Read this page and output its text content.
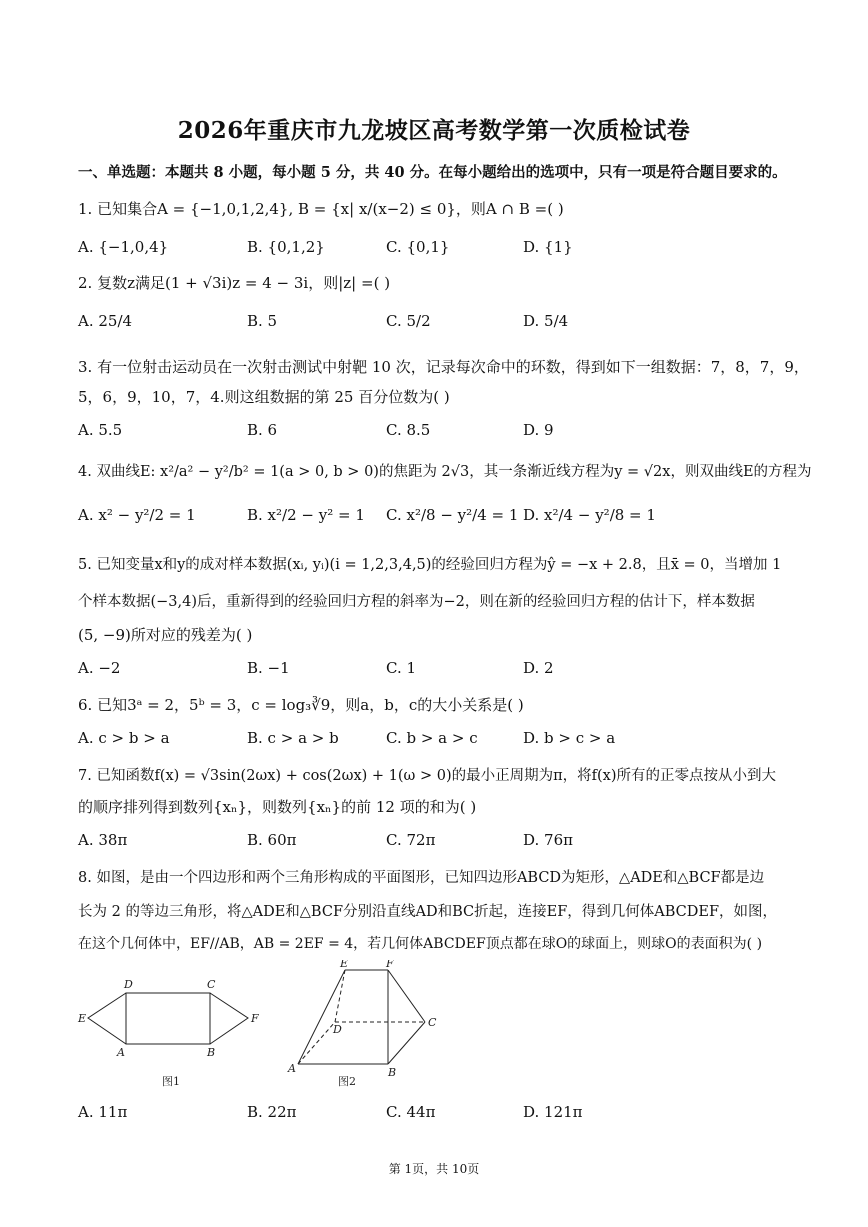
2026年重庆市九龙坡区高考数学第一次质检试卷
一、单选题：本题共 8 小题，每小题 5 分，共 40 分。在每小题给出的选项中，只有一项是符合题目要求的。
1. 已知集合A = {−1,0,1,2,4}, B = {x| x/(x−2) ≤ 0}，则A ∩ B =( )
A. {−1,0,4}	B. {0,1,2}	C. {0,1}	D. {1}
2. 复数z满足(1 + √3i)z = 4 − 3i，则|z| =( )
A. 25/4	B. 5	C. 5/2	D. 5/4
3. 有一位射击运动员在一次射击测试中射靶 10 次，记录每次命中的环数，得到如下一组数据：7，8，7，9，
5，6，9，10，7，4.则这组数据的第 25 百分位数为( )
A. 5.5	B. 6	C. 8.5	D. 9
4. 双曲线E: x²/a² − y²/b² = 1(a > 0, b > 0)的焦距为 2√3，其一条渐近线方程为y = √2x，则双曲线E的方程为
A. x² − y²/2 = 1	B. x²/2 − y² = 1 C. x²/8 − y²/4 = 1 D. x²/4 − y²/8 = 1
5. 已知变量x和y的成对样本数据(xᵢ, yᵢ)(i = 1,2,3,4,5)的经验回归方程为ŷ = −x + 2.8，且x̄ = 0，当增加 1
个样本数据(−3,4)后，重新得到的经验回归方程的斜率为−2，则在新的经验回归方程的估计下，样本数据
(5, −9)所对应的残差为( )
A. −2	B. −1	C. 1	D. 2
6. 已知3ᵃ = 2，5ᵇ = 3，c = log₃∛9，则a，b，c的大小关系是( )
A. c > b > a	B. c > a > b	C. b > a > c	D. b > c > a
7. 已知函数f(x) = √3sin(2ωx) + cos(2ωx) + 1(ω > 0)的最小正周期为π，将f(x)所有的正零点按从小到大
的顺序排列得到数列{xₙ}，则数列{xₙ}的前 12 项的和为( )
A. 38π	B. 60π	C. 72π	D. 76π
8. 如图，是由一个四边形和两个三角形构成的平面图形，已知四边形ABCD为矩形，△ADE和△BCF都是边
长为 2 的等边三角形，将△ADE和△BCF分别沿直线AD和BC折起，连接EF，得到几何体ABCDEF，如图，
在这个几何体中，EF//AB，AB = 2EF = 4，若几何体ABCDEF顶点都在球O的球面上，则球O的表面积为( )
D	C
E	F
A	B
图1
E	F
D
C
A	B
图2
A. 11π	B. 22π	C. 44π	D. 121π
第 1页，共 10页
